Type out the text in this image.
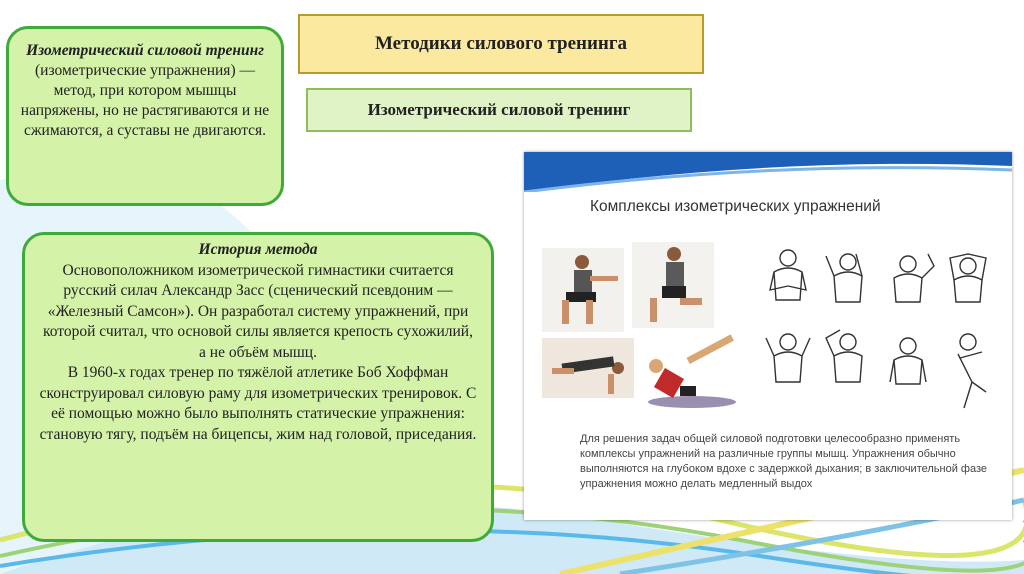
Методики силового тренинга
Изометрический силовой тренинг
Изометрический силовой тренинг (изометрические упражнения) — метод, при котором мышцы напряжены, но не растягиваются и не сжимаются, а суставы не двигаются.
История метода
Основоположником изометрической гимнастики считается русский силач Александр Засс (сценический псевдоним — «Железный Самсон»). Он разработал систему упражнений, при которой считал, что основой силы является крепость сухожилий, а не объём мышц.
В 1960-х годах тренер по тяжёлой атлетике Боб Хоффман сконструировал силовую раму для изометрических тренировок. С её помощью можно было выполнять статические упражнения: становую тягу, подъём на бицепсы, жим над головой, приседания.
Комплексы изометрических упражнений
Для решения задач общей силовой подготовки целесообразно применять комплексы упражнений на различные группы мышц. Упражнения обычно выполняются на глубоком вдохе с задержкой дыхания; в заключительной фазе упражнения можно делать медленный выдох
